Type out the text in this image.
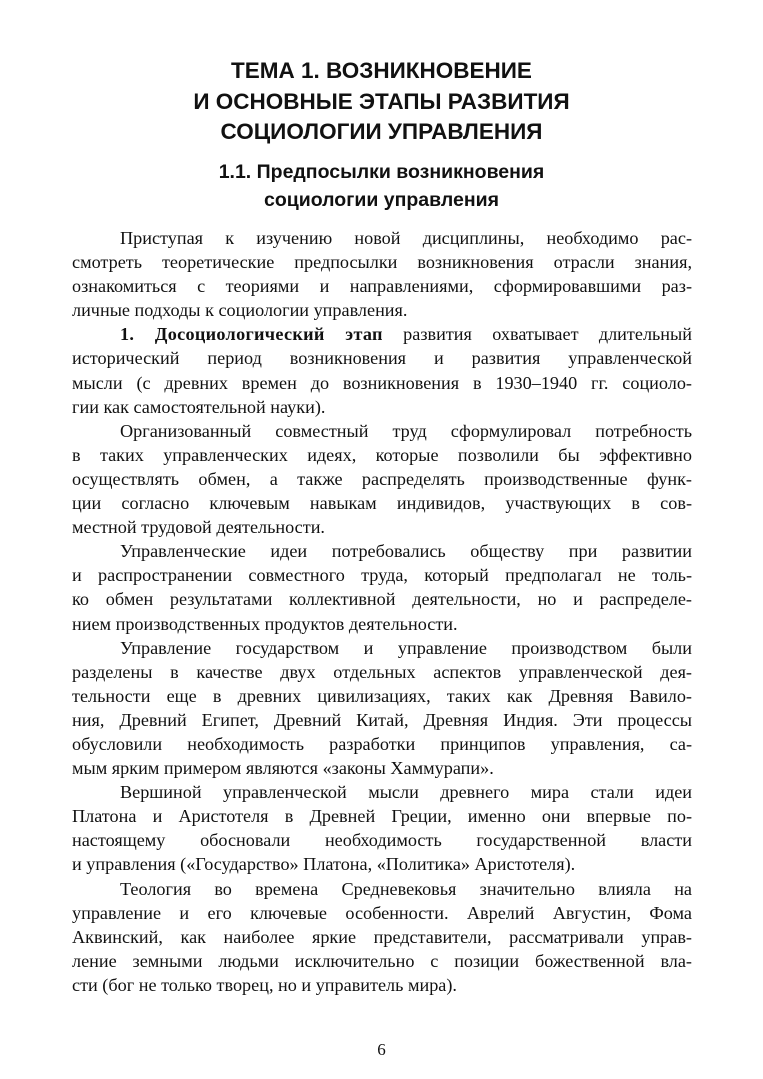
ТЕМА 1. ВОЗНИКНОВЕНИЕ
И ОСНОВНЫЕ ЭТАПЫ РАЗВИТИЯ
СОЦИОЛОГИИ УПРАВЛЕНИЯ
1.1. Предпосылки возникновения
социологии управления
Приступая к изучению новой дисциплины, необходимо рас-
смотреть теоретические предпосылки возникновения отрасли знания,
ознакомиться с теориями и направлениями, сформировавшими раз-
личные подходы к социологии управления.
1. Досоциологический этап развития охватывает длительный
исторический период возникновения и развития управленческой
мысли (с древних времен до возникновения в 1930–1940 гг. социоло-
гии как самостоятельной науки).
Организованный совместный труд сформулировал потребность
в таких управленческих идеях, которые позволили бы эффективно
осуществлять обмен, а также распределять производственные функ-
ции согласно ключевым навыкам индивидов, участвующих в сов-
местной трудовой деятельности.
Управленческие идеи потребовались обществу при развитии
и распространении совместного труда, который предполагал не толь-
ко обмен результатами коллективной деятельности, но и распределе-
нием производственных продуктов деятельности.
Управление государством и управление производством были
разделены в качестве двух отдельных аспектов управленческой дея-
тельности еще в древних цивилизациях, таких как Древняя Вавило-
ния, Древний Египет, Древний Китай, Древняя Индия. Эти процессы
обусловили необходимость разработки принципов управления, са-
мым ярким примером являются «законы Хаммурапи».
Вершиной управленческой мысли древнего мира стали идеи
Платона и Аристотеля в Древней Греции, именно они впервые по-
настоящему обосновали необходимость государственной власти
и управления («Государство» Платона, «Политика» Аристотеля).
Теология во времена Средневековья значительно влияла на
управление и его ключевые особенности. Аврелий Августин, Фома
Аквинский, как наиболее яркие представители, рассматривали управ-
ление земными людьми исключительно с позиции божественной вла-
сти (бог не только творец, но и управитель мира).
6
